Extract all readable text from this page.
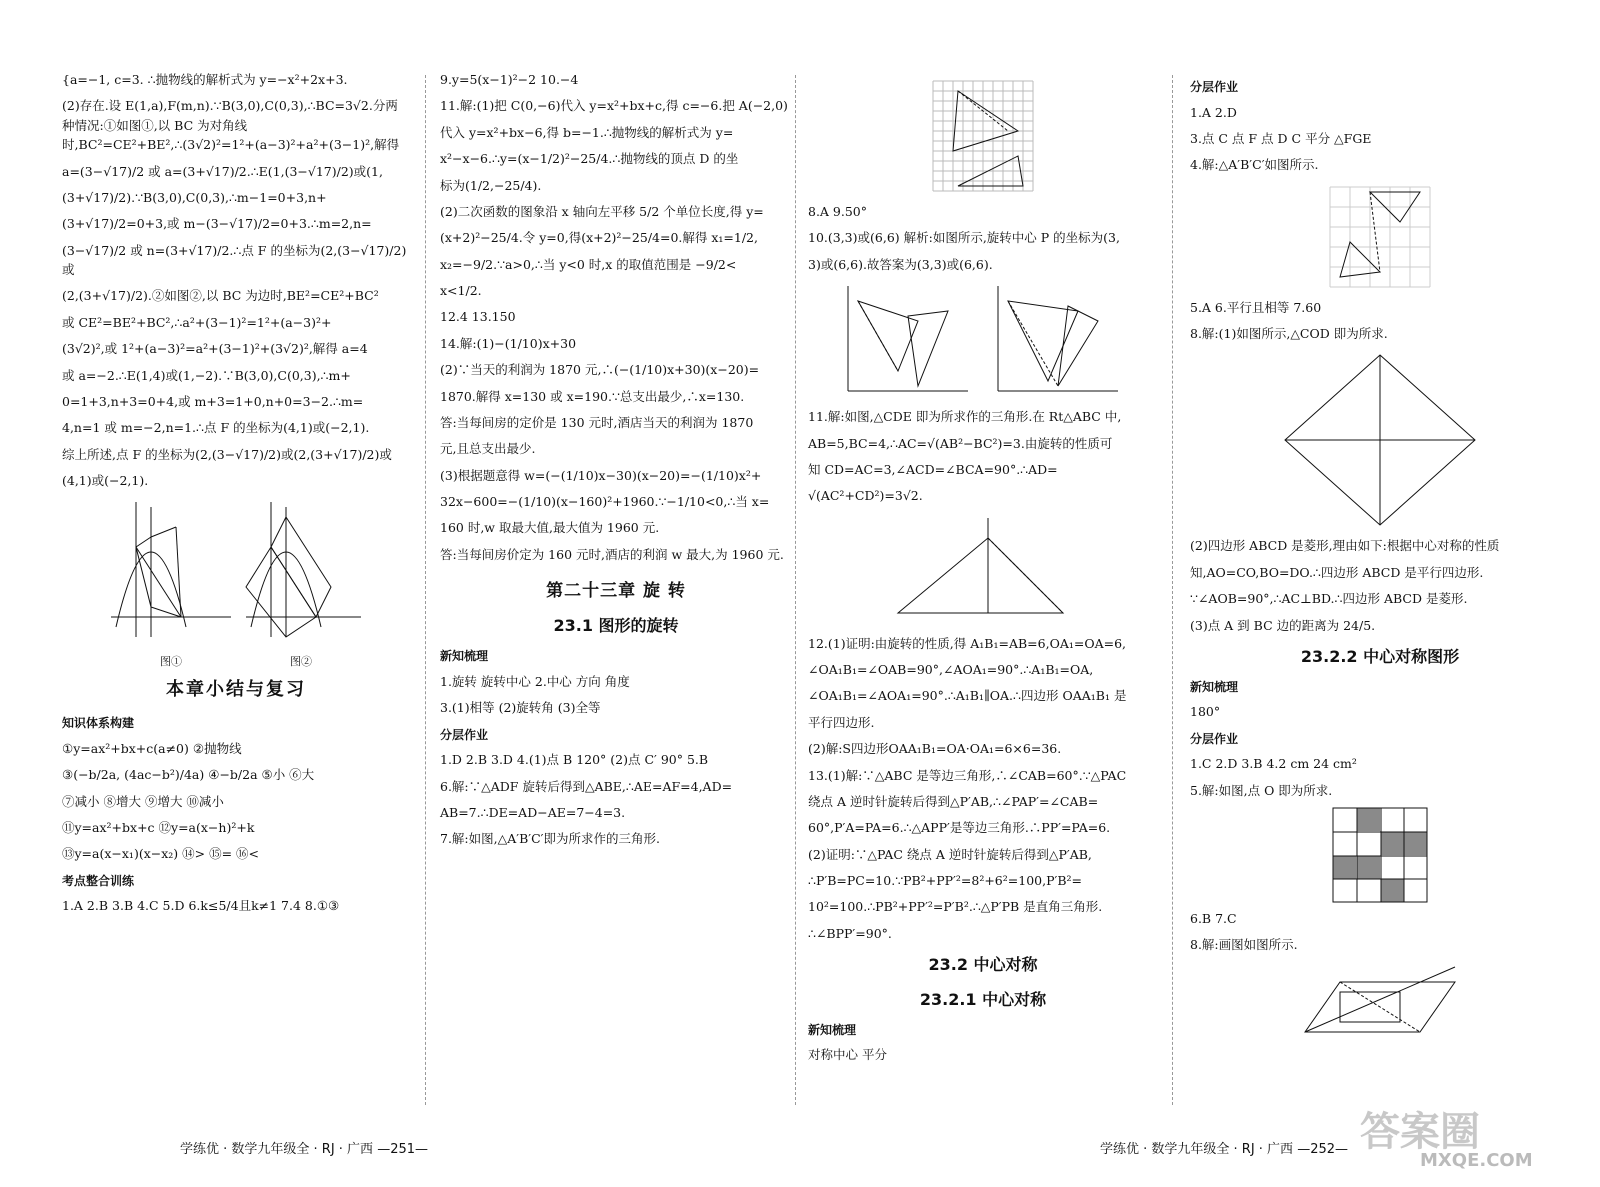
{a=−1, c=3. ∴抛物线的解析式为 y=−x²+2x+3.

(2)存在.设 E(1,a),F(m,n).∵B(3,0),C(0,3),∴BC=3√2.分两种情况:①如图①,以 BC 为对角线时,BC²=CE²+BE²,∴(3√2)²=1²+(a−3)²+a²+(3−1)²,解得

a=(3−√17)/2 或 a=(3+√17)/2.∴E(1,(3−√17)/2)或(1,

(3+√17)/2).∵B(3,0),C(0,3),∴m−1=0+3,n+

(3+√17)/2=0+3,或 m−(3−√17)/2=0+3.∴m=2,n=

(3−√17)/2 或 n=(3+√17)/2.∴点 F 的坐标为(2,(3−√17)/2)或

(2,(3+√17)/2).②如图②,以 BC 为边时,BE²=CE²+BC²

或 CE²=BE²+BC²,∴a²+(3−1)²=1²+(a−3)²+

(3√2)²,或 1²+(a−3)²=a²+(3−1)²+(3√2)²,解得 a=4

或 a=−2.∴E(1,4)或(1,−2).∵B(3,0),C(0,3),∴m+

0=1+3,n+3=0+4,或 m+3=1+0,n+0=3−2.∴m=

4,n=1 或 m=−2,n=1.∴点 F 的坐标为(4,1)或(−2,1).

综上所述,点 F 的坐标为(2,(3−√17)/2)或(2,(3+√17)/2)或

(4,1)或(−2,1).

图①	图②
本章小结与复习
知识体系构建

①y=ax²+bx+c(a≠0) ②抛物线

③(−b/2a, (4ac−b²)/4a) ④−b/2a ⑤小 ⑥大

⑦减小 ⑧增大 ⑨增大 ⑩减小

⑪y=ax²+bx+c ⑫y=a(x−h)²+k

⑬y=a(x−x₁)(x−x₂) ⑭> ⑮= ⑯<

考点整合训练

1.A 2.B 3.B 4.C 5.D 6.k≤5/4且k≠1 7.4 8.①③

9.y=5(x−1)²−2 10.−4

11.解:(1)把 C(0,−6)代入 y=x²+bx+c,得 c=−6.把 A(−2,0)

代入 y=x²+bx−6,得 b=−1.∴抛物线的解析式为 y=

x²−x−6.∴y=(x−1/2)²−25/4.∴抛物线的顶点 D 的坐

标为(1/2,−25/4).

(2)二次函数的图象沿 x 轴向左平移 5/2 个单位长度,得 y=

(x+2)²−25/4.令 y=0,得(x+2)²−25/4=0.解得 x₁=1/2,

x₂=−9/2.∵a>0,∴当 y<0 时,x 的取值范围是 −9/2<

x<1/2.

12.4 13.150

14.解:(1)−(1/10)x+30

(2)∵当天的利润为 1870 元,∴(−(1/10)x+30)(x−20)=

1870.解得 x=130 或 x=190.∵总支出最少,∴x=130.

答:当每间房的定价是 130 元时,酒店当天的利润为 1870

元,且总支出最少.

(3)根据题意得 w=(−(1/10)x−30)(x−20)=−(1/10)x²+

32x−600=−(1/10)(x−160)²+1960.∵−1/10<0,∴当 x=

160 时,w 取最大值,最大值为 1960 元.

答:当每间房价定为 160 元时,酒店的利润 w 最大,为 1960 元.

第二十三章 旋 转
23.1 图形的旋转
新知梳理

1.旋转 旋转中心 2.中心 方向 角度

3.(1)相等 (2)旋转角 (3)全等

分层作业

1.D 2.B 3.D 4.(1)点 B 120° (2)点 C′ 90° 5.B

6.解:∵△ADF 旋转后得到△ABE,∴AE=AF=4,AD=

AB=7.∴DE=AD−AE=7−4=3.

7.解:如图,△A′B′C′即为所求作的三角形.

8.A 9.50°

10.(3,3)或(6,6) 解析:如图所示,旋转中心 P 的坐标为(3,

3)或(6,6).故答案为(3,3)或(6,6).

11.解:如图,△CDE 即为所求作的三角形.在 Rt△ABC 中,

AB=5,BC=4,∴AC=√(AB²−BC²)=3.由旋转的性质可

知 CD=AC=3,∠ACD=∠BCA=90°.∴AD=

√(AC²+CD²)=3√2.

12.(1)证明:由旋转的性质,得 A₁B₁=AB=6,OA₁=OA=6,

∠OA₁B₁=∠OAB=90°,∠AOA₁=90°.∴A₁B₁=OA,

∠OA₁B₁=∠AOA₁=90°.∴A₁B₁∥OA.∴四边形 OAA₁B₁ 是

平行四边形.

(2)解:S四边形OAA₁B₁=OA·OA₁=6×6=36.

13.(1)解:∵△ABC 是等边三角形,∴∠CAB=60°.∵△PAC

绕点 A 逆时针旋转后得到△P′AB,∴∠PAP′=∠CAB=

60°,P′A=PA=6.∴△APP′是等边三角形.∴PP′=PA=6.

(2)证明:∵△PAC 绕点 A 逆时针旋转后得到△P′AB,

∴P′B=PC=10.∵PB²+PP′²=8²+6²=100,P′B²=

10²=100.∴PB²+PP′²=P′B².∴△P′PB 是直角三角形.

∴∠BPP′=90°.

23.2 中心对称
23.2.1 中心对称
新知梳理

对称中心 平分

分层作业

1.A 2.D

3.点 C 点 F 点 D C 平分 △FGE

4.解:△A′B′C′如图所示.

5.A 6.平行且相等 7.60

8.解:(1)如图所示,△COD 即为所求.

(2)四边形 ABCD 是菱形,理由如下:根据中心对称的性质

知,AO=CO,BO=DO.∴四边形 ABCD 是平行四边形.

∵∠AOB=90°,∴AC⊥BD.∴四边形 ABCD 是菱形.

(3)点 A 到 BC 边的距离为 24/5.

23.2.2 中心对称图形
新知梳理

180°

分层作业

1.C 2.D 3.B 4.2 cm 24 cm²

5.解:如图,点 O 即为所求.

6.B 7.C

8.解:画图如图所示.

学练优 · 数学九年级全 · RJ · 广西 —251—	学练优 · 数学九年级全 · RJ · 广西 —252— 答案圈
MXQE.COM
